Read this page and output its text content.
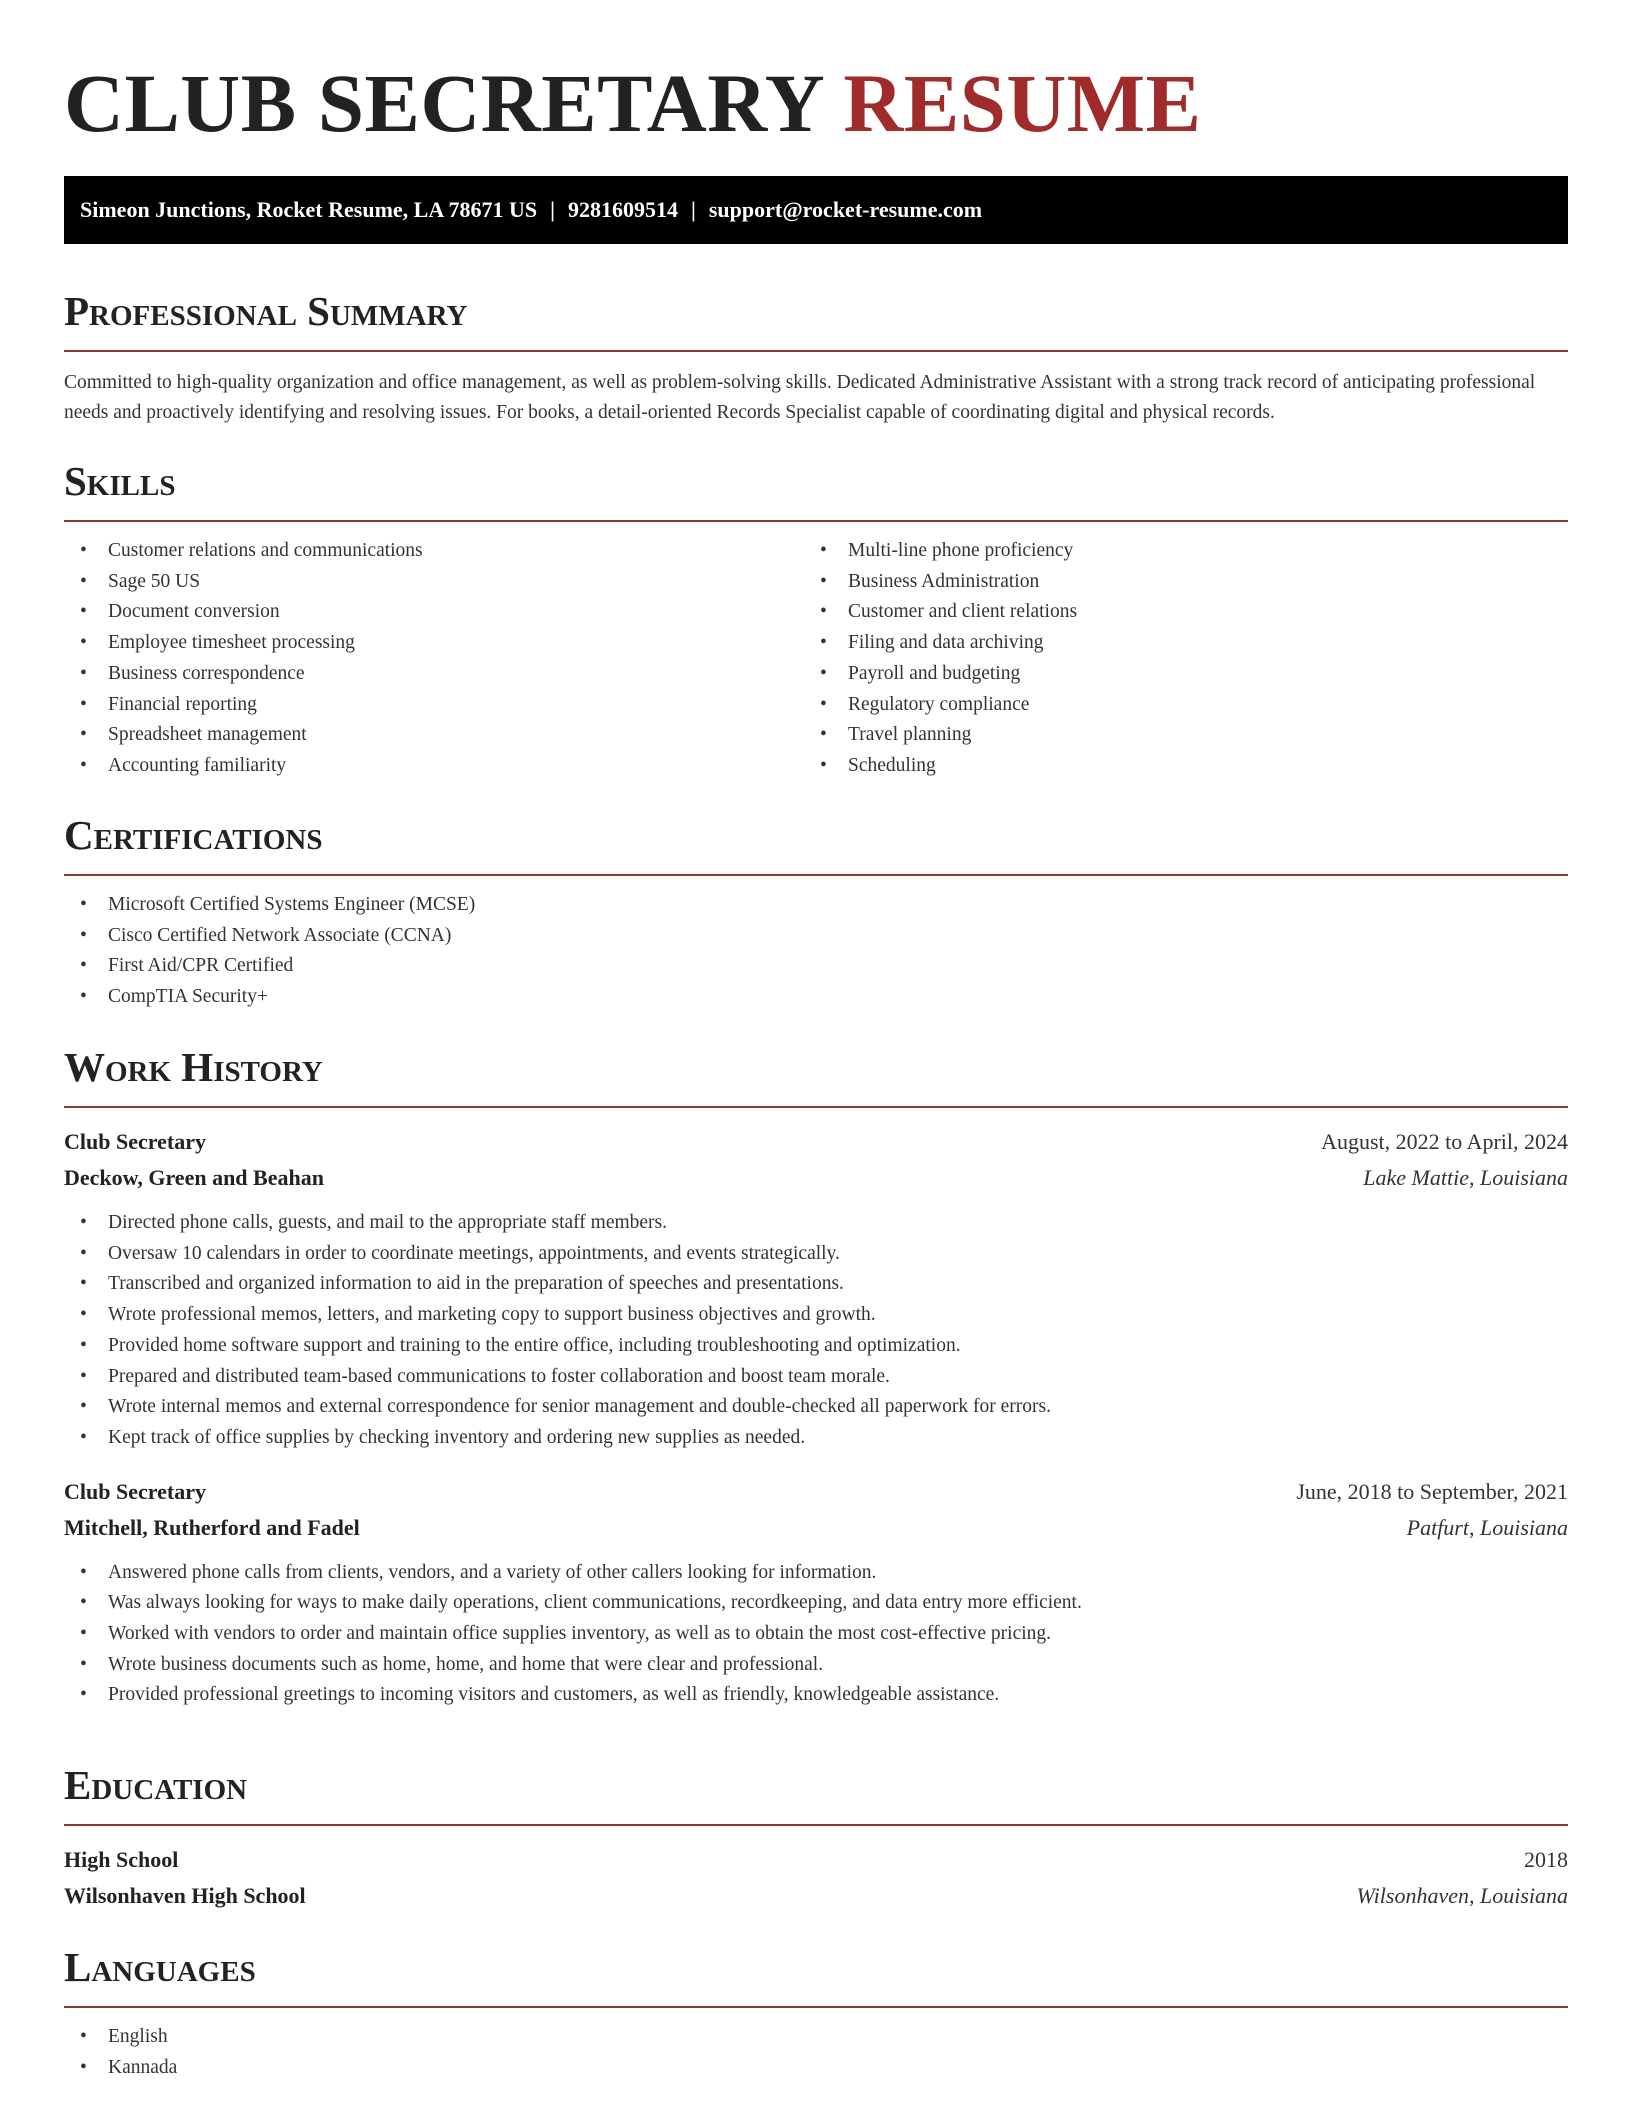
CLUB SECRETARY RESUME
Simeon Junctions, Rocket Resume, LA 78671 US | 9281609514 | support@rocket-resume.com
Professional Summary

Committed to high-quality organization and office management, as well as problem-solving skills. Dedicated Administrative Assistant with a strong track record of anticipating professional needs and proactively identifying and resolving issues. For books, a detail-oriented Records Specialist capable of coordinating digital and physical records.

Skills
• Customer relations and communications
• Sage 50 US
• Document conversion
• Employee timesheet processing
• Business correspondence
• Financial reporting
• Spreadsheet management
• Accounting familiarity
• Multi-line phone proficiency
• Business Administration
• Customer and client relations
• Filing and data archiving
• Payroll and budgeting
• Regulatory compliance
• Travel planning
• Scheduling
Certifications
• Microsoft Certified Systems Engineer (MCSE)
• Cisco Certified Network Associate (CCNA)
• First Aid/CPR Certified
• CompTIA Security+
Work History
Club Secretary	August, 2022 to April, 2024
Deckow, Green and Beahan	Lake Mattie, Louisiana
• Directed phone calls, guests, and mail to the appropriate staff members.
• Oversaw 10 calendars in order to coordinate meetings, appointments, and events strategically.
• Transcribed and organized information to aid in the preparation of speeches and presentations.
• Wrote professional memos, letters, and marketing copy to support business objectives and growth.
• Provided home software support and training to the entire office, including troubleshooting and optimization.
• Prepared and distributed team-based communications to foster collaboration and boost team morale.
• Wrote internal memos and external correspondence for senior management and double-checked all paperwork for errors.
• Kept track of office supplies by checking inventory and ordering new supplies as needed.
Club Secretary	June, 2018 to September, 2021
Mitchell, Rutherford and Fadel	Patfurt, Louisiana
• Answered phone calls from clients, vendors, and a variety of other callers looking for information.
• Was always looking for ways to make daily operations, client communications, recordkeeping, and data entry more efficient.
• Worked with vendors to order and maintain office supplies inventory, as well as to obtain the most cost-effective pricing.
• Wrote business documents such as home, home, and home that were clear and professional.
• Provided professional greetings to incoming visitors and customers, as well as friendly, knowledgeable assistance.
Education
High School	2018
Wilsonhaven High School	Wilsonhaven, Louisiana
Languages
• English
• Kannada
